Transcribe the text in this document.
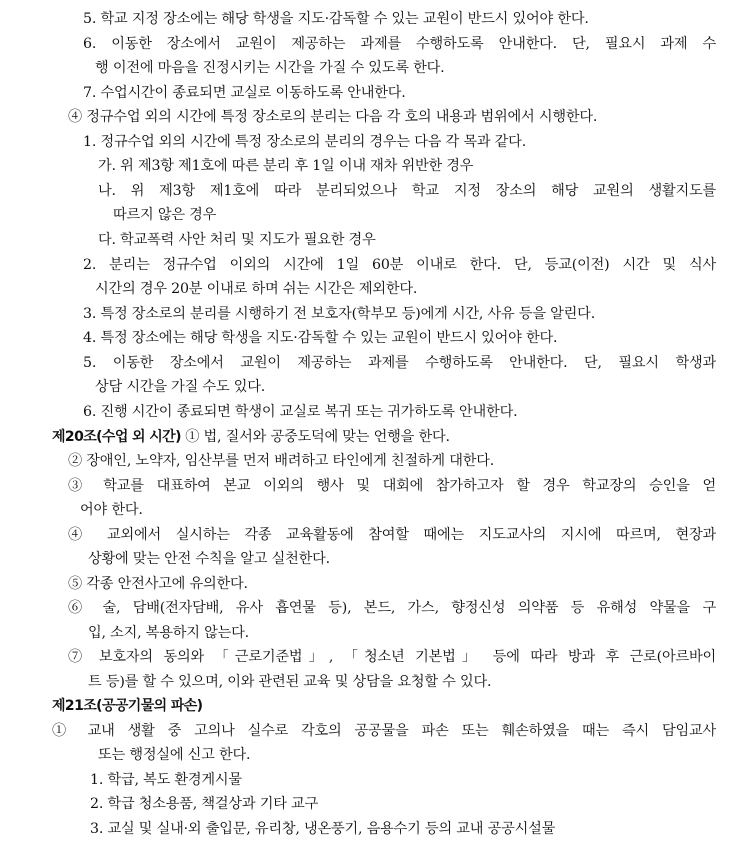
제20조(수업 외 시간) ① 법, 질서와 공중도덕에 맞는 언행을 한다.
제21조(공공기물의 파손)
5. 학교 지정 장소에는 해당 학생을 지도·감독할 수 있는 교원이 반드시 있어야 한다.
6. 이동한 장소에서 교원이 제공하는 과제를 수행하도록 안내한다. 단, 필요시 과제 수
행 이전에 마음을 진정시키는 시간을 가질 수 있도록 한다.
7. 수업시간이 종료되면 교실로 이동하도록 안내한다.
④ 정규수업 외의 시간에 특정 장소로의 분리는 다음 각 호의 내용과 범위에서 시행한다.
1. 정규수업 외의 시간에 특정 장소로의 분리의 경우는 다음 각 목과 같다.
가. 위 제3항 제1호에 따른 분리 후 1일 이내 재차 위반한 경우
나. 위 제3항 제1호에 따라 분리되었으나 학교 지정 장소의 해당 교원의 생활지도를
따르지 않은 경우
다. 학교폭력 사안 처리 및 지도가 필요한 경우
2. 분리는 정규수업 이외의 시간에 1일 60분 이내로 한다. 단, 등교(이전) 시간 및 식사
시간의 경우 20분 이내로 하며 쉬는 시간은 제외한다.
3. 특정 장소로의 분리를 시행하기 전 보호자(학부모 등)에게 시간, 사유 등을 알린다.
4. 특정 장소에는 해당 학생을 지도·감독할 수 있는 교원이 반드시 있어야 한다.
5. 이동한 장소에서 교원이 제공하는 과제를 수행하도록 안내한다. 단, 필요시 학생과
상담 시간을 가질 수도 있다.
6. 진행 시간이 종료되면 학생이 교실로 복귀 또는 귀가하도록 안내한다.
② 장애인, 노약자, 임산부를 먼저 배려하고 타인에게 친절하게 대한다.
③ 학교를 대표하여 본교 이외의 행사 및 대회에 참가하고자 할 경우 학교장의 승인을 얻
어야 한다.
④ 교외에서 실시하는 각종 교육활동에 참여할 때에는 지도교사의 지시에 따르며, 현장과
상황에 맞는 안전 수칙을 알고 실천한다.
⑤ 각종 안전사고에 유의한다.
⑥ 술, 담배(전자담배, 유사 흡연물 등), 본드, 가스, 향정신성 의약품 등 유해성 약물을 구
입, 소지, 복용하지 않는다.
⑦ 보호자의 동의와 「근로기준법」, 「청소년 기본법」 등에 따라 방과 후 근로(아르바이
트 등)를 할 수 있으며, 이와 관련된 교육 및 상담을 요청할 수 있다.
① 교내 생활 중 고의나 실수로 각호의 공공물을 파손 또는 훼손하였을 때는 즉시 담임교사
또는 행정실에 신고 한다.
1. 학급, 복도 환경게시물
2. 학급 청소용품, 책걸상과 기타 교구
3. 교실 및 실내·외 출입문, 유리창, 냉온풍기, 음용수기 등의 교내 공공시설물
